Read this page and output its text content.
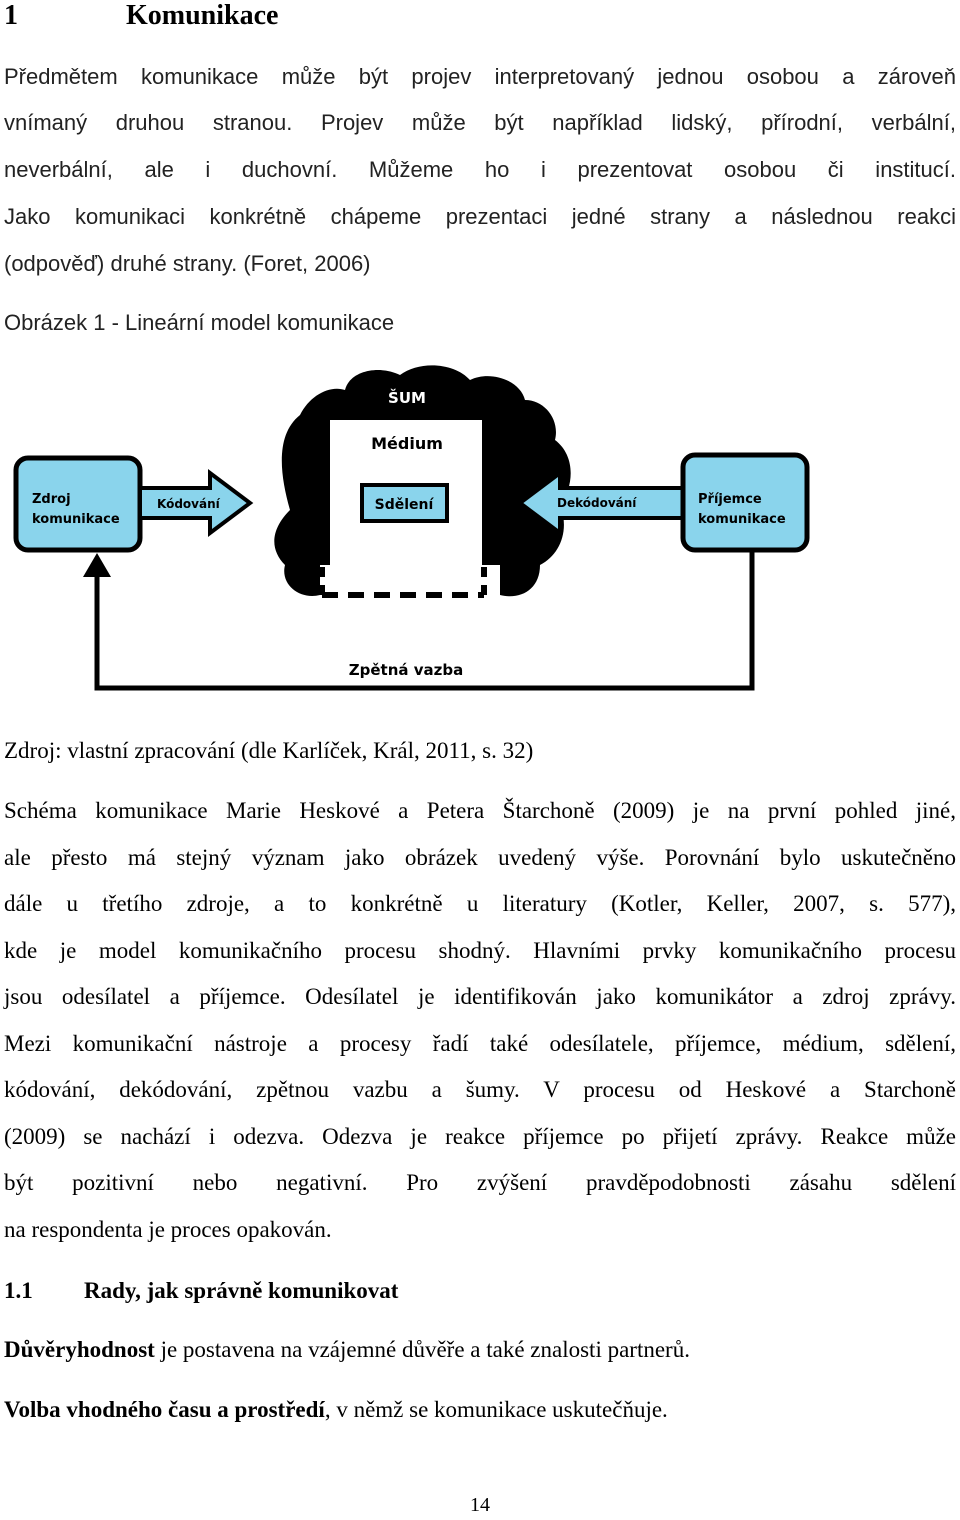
1	Komunikace
Předmětem komunikace může být projev interpretovaný jednou osobou a zároveň
vnímaný druhou stranou. Projev může být například lidský, přírodní, verbální,
neverbální, ale i duchovní. Můžeme ho i prezentovat osobou či institucí.
Jako komunikaci konkrétně chápeme prezentaci jedné strany a následnou reakci
(odpověď) druhé strany. (Foret, 2006)
Obrázek 1 - Lineární model komunikace
ŠUM
Médium
Sdělení
Zdroj
komunikace
Kódování	Dekódování	Příjemce
komunikace
Zpětná vazba
Zdroj: vlastní zpracování (dle Karlíček, Král, 2011, s. 32)
Schéma komunikace Marie Heskové a Petera Štarchoně (2009) je na první pohled jiné,
ale přesto má stejný význam jako obrázek uvedený výše. Porovnání bylo uskutečněno
dále u třetího zdroje, a to konkrétně u literatury (Kotler, Keller, 2007, s. 577),
kde je model komunikačního procesu shodný. Hlavními prvky komunikačního procesu
jsou odesílatel a příjemce. Odesílatel je identifikován jako komunikátor a zdroj zprávy.
Mezi komunikační nástroje a procesy řadí také odesílatele, příjemce, médium, sdělení,
kódování, dekódování, zpětnou vazbu a šumy. V procesu od Heskové a Starchoně
(2009) se nachází i odezva. Odezva je reakce příjemce po přijetí zprávy. Reakce může
být pozitivní nebo negativní. Pro zvýšení pravděpodobnosti zásahu sdělení
na respondenta je proces opakován.
1.1	Rady, jak správně komunikovat
Důvěryhodnost je postavena na vzájemné důvěře a také znalosti partnerů.
Volba vhodného času a prostředí, v němž se komunikace uskutečňuje.
14
